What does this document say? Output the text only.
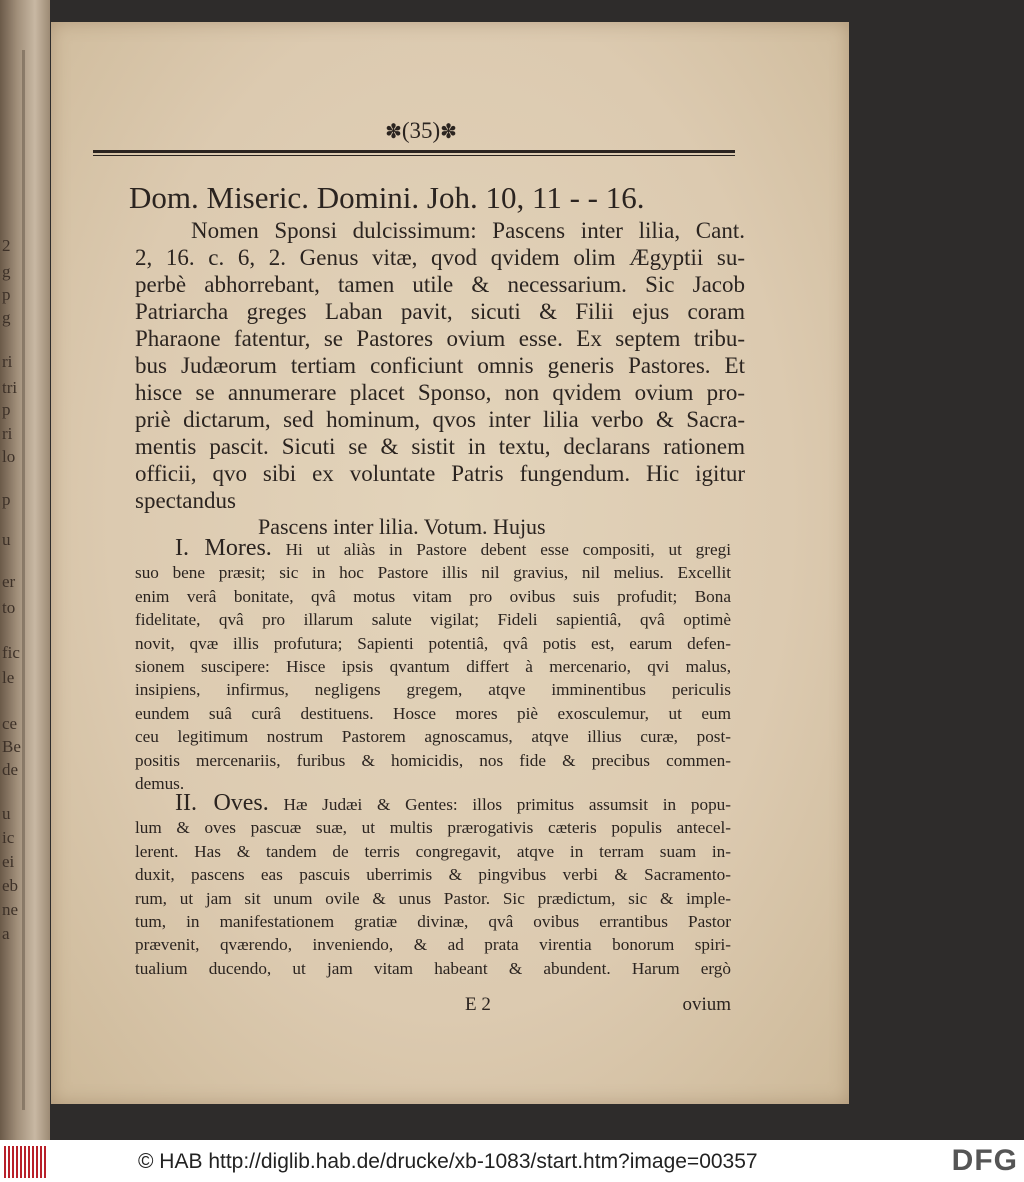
2
g
p
g
ri
tri
p
ri
lo
p
u
er
to
fic
le
ce
Be
de
u
ic
ei
eb
ne
a
✽(35)✽
Dom. Miseric. Domini. Joh. 10, 11 - - 16.

Nomen Sponsi dulcissimum: Pascens inter lilia, Cant.

2, 16. c. 6, 2. Genus vitæ, qvod qvidem olim Ægyptii su-

perbè abhorrebant, tamen utile & necessarium. Sic Jacob

Patriarcha greges Laban pavit, sicuti & Filii ejus coram

Pharaone fatentur, se Pastores ovium esse. Ex septem tribu-

bus Judæorum tertiam conficiunt omnis generis Pastores. Et

hisce se annumerare placet Sponso, non qvidem ovium pro-

priè dictarum, sed hominum, qvos inter lilia verbo & Sacra-

mentis pascit. Sicuti se & sistit in textu, declarans rationem

officii, qvo sibi ex voluntate Patris fungendum. Hic igitur

spectandus

Pascens inter lilia. Votum. Hujus

I. Mores. Hi ut aliàs in Pastore debent esse compositi, ut gregi

suo bene præsit; sic in hoc Pastore illis nil gravius, nil melius. Excellit

enim verâ bonitate, qvâ motus vitam pro ovibus suis profudit; Bona

fidelitate, qvâ pro illarum salute vigilat; Fideli sapientiâ, qvâ optimè

novit, qvæ illis profutura; Sapienti potentiâ, qvâ potis est, earum defen-

sionem suscipere: Hisce ipsis qvantum differt à mercenario, qvi malus,

insipiens, infirmus, negligens gregem, atqve imminentibus periculis

eundem suâ curâ destituens. Hosce mores piè exosculemur, ut eum

ceu legitimum nostrum Pastorem agnoscamus, atqve illius curæ, post-

positis mercenariis, furibus & homicidis, nos fide & precibus commen-

demus.

II. Oves. Hæ Judæi & Gentes: illos primitus assumsit in popu-

lum & oves pascuæ suæ, ut multis prærogativis cæteris populis antecel-

lerent. Has & tandem de terris congregavit, atqve in terram suam in-

duxit, pascens eas pascuis uberrimis & pingvibus verbi & Sacramento-

rum, ut jam sit unum ovile & unus Pastor. Sic prædictum, sic & imple-

tum, in manifestationem gratiæ divinæ, qvâ ovibus errantibus Pastor

prævenit, qværendo, inveniendo, & ad prata virentia bonorum spiri-

tualium ducendo, ut jam vitam habeant & abundent. Harum ergò

E 2	ovium
© HAB http://diglib.hab.de/drucke/xb-1083/start.htm?image=00357	DFG
